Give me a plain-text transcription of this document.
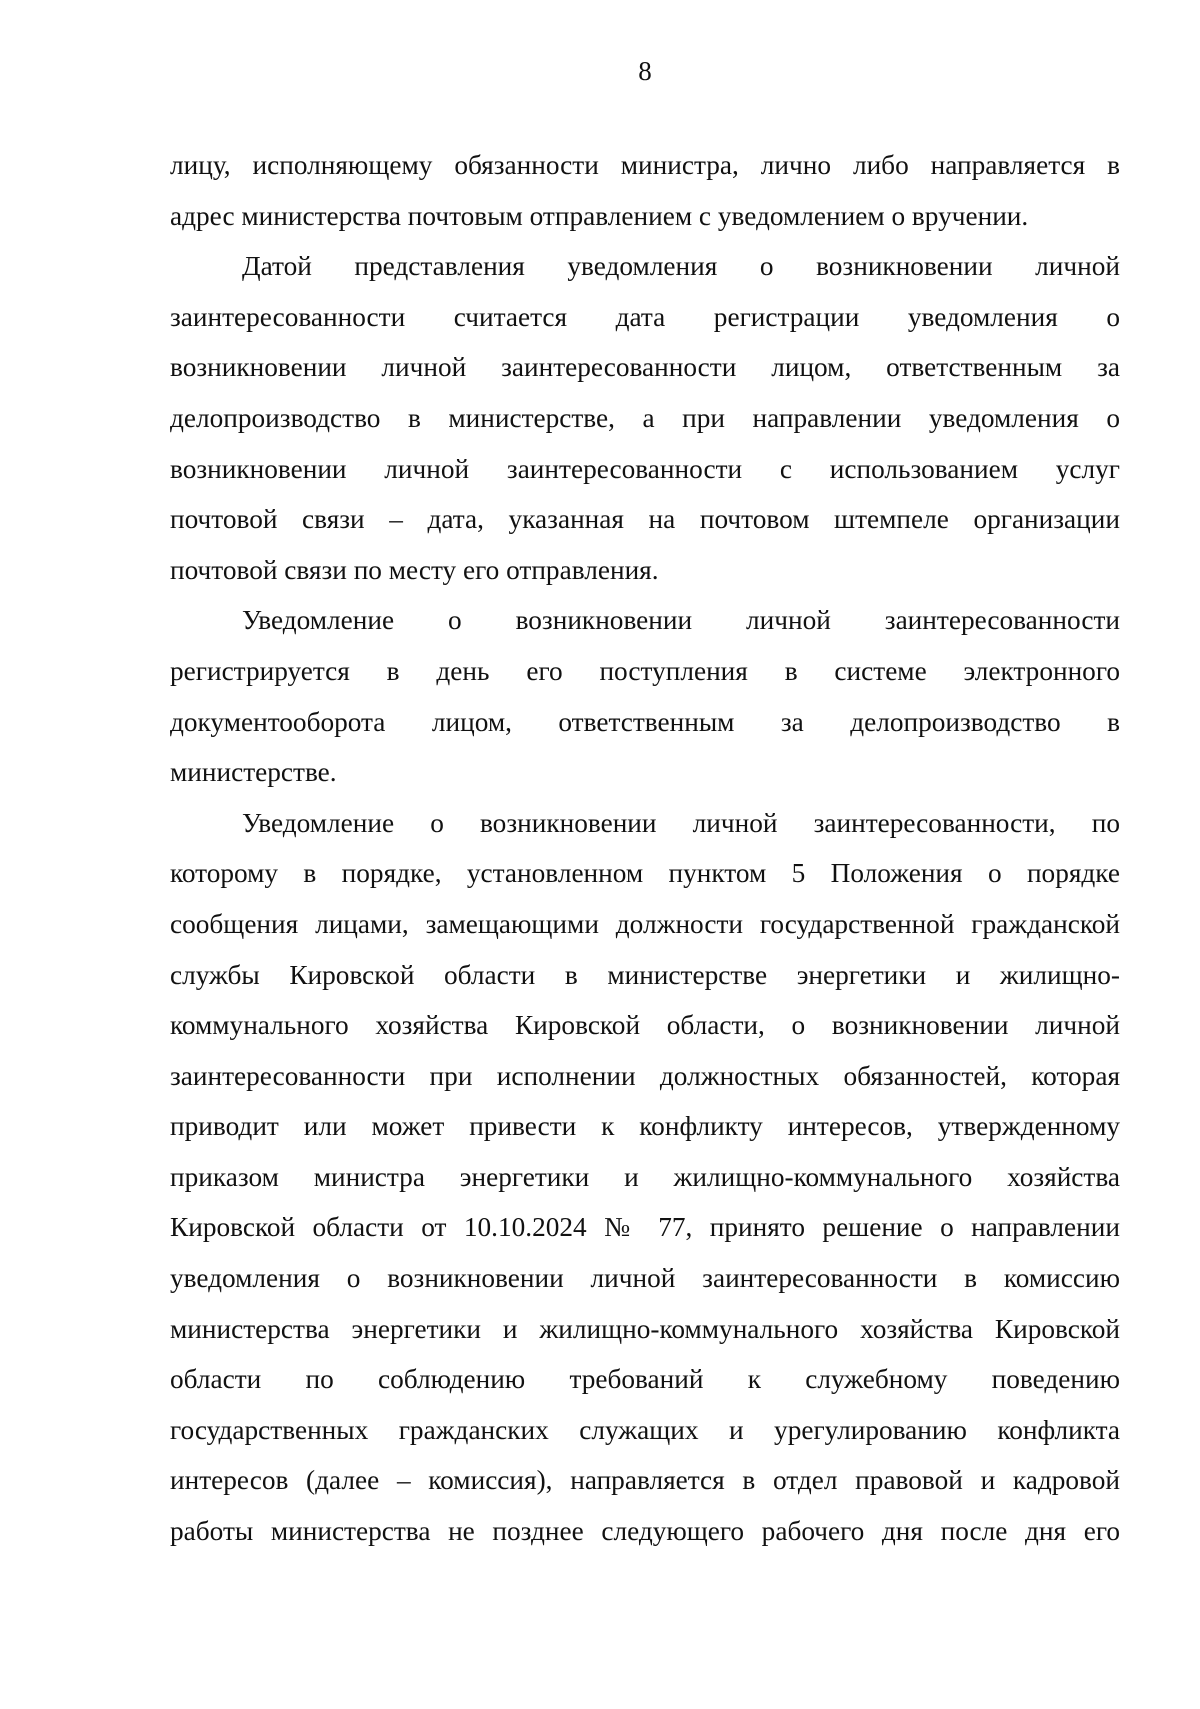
8
лицу, исполняющему обязанности министра, лично либо направляется в
адрес министерства почтовым отправлением с уведомлением о вручении.
Датой представления уведомления о возникновении личной
заинтересованности считается дата регистрации уведомления о
возникновении личной заинтересованности лицом, ответственным за
делопроизводство в министерстве, а при направлении уведомления о
возникновении личной заинтересованности с использованием услуг
почтовой связи – дата, указанная на почтовом штемпеле организации
почтовой связи по месту его отправления.
Уведомление о возникновении личной заинтересованности
регистрируется в день его поступления в системе электронного
документооборота лицом, ответственным за делопроизводство в
министерстве.
Уведомление о возникновении личной заинтересованности, по
которому в порядке, установленном пунктом 5 Положения о порядке
сообщения лицами, замещающими должности государственной гражданской
службы Кировской области в министерстве энергетики и жилищно-
коммунального хозяйства Кировской области, о возникновении личной
заинтересованности при исполнении должностных обязанностей, которая
приводит или может привести к конфликту интересов, утвержденному
приказом министра энергетики и жилищно-коммунального хозяйства
Кировской области от 10.10.2024 № 77, принято решение о направлении
уведомления о возникновении личной заинтересованности в комиссию
министерства энергетики и жилищно-коммунального хозяйства Кировской
области по соблюдению требований к служебному поведению
государственных гражданских служащих и урегулированию конфликта
интересов (далее – комиссия), направляется в отдел правовой и кадровой
работы министерства не позднее следующего рабочего дня после дня его
